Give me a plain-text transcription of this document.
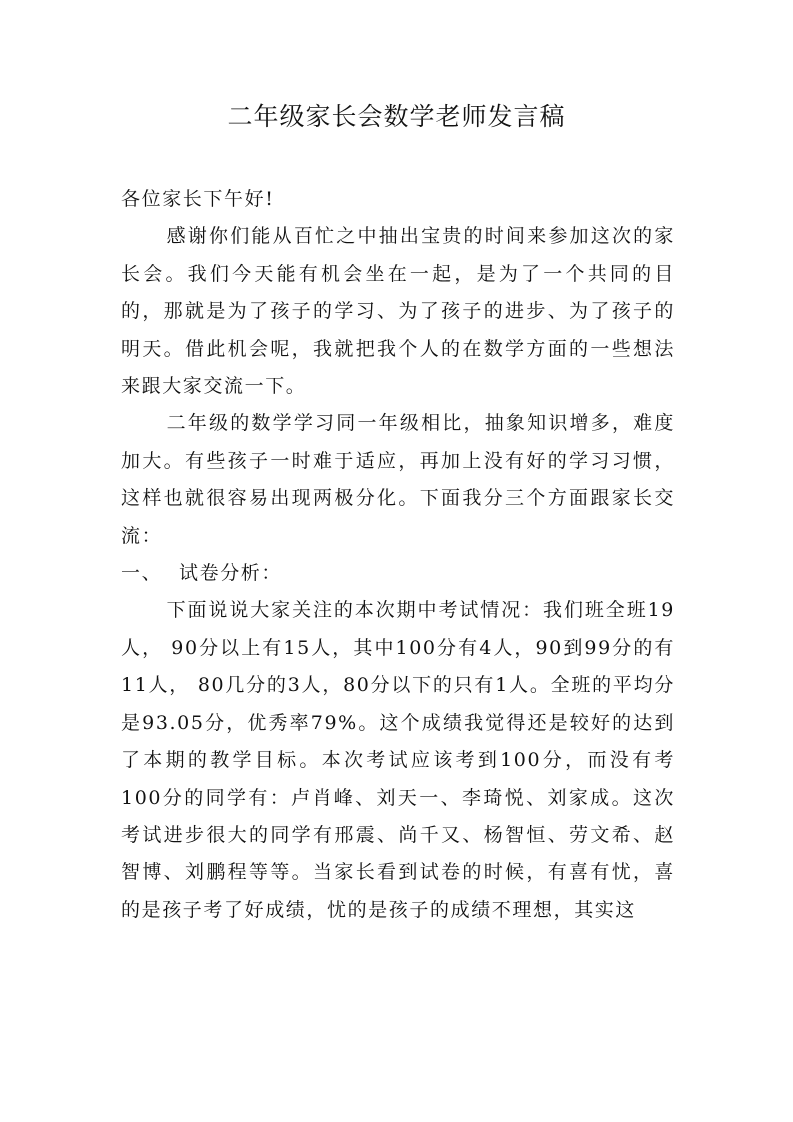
二年级家长会数学老师发言稿

各位家长下午好!

感谢你们能从百忙之中抽出宝贵的时间来参加这次的家长会。我们今天能有机会坐在一起，是为了一个共同的目的，那就是为了孩子的学习、为了孩子的进步、为了孩子的明天。借此机会呢，我就把我个人的在数学方面的一些想法来跟大家交流一下。

二年级的数学学习同一年级相比，抽象知识增多，难度加大。有些孩子一时难于适应，再加上没有好的学习习惯，这样也就很容易出现两极分化。下面我分三个方面跟家长交流：

一、 试卷分析：

下面说说大家关注的本次期中考试情况：我们班全班19人， 90分以上有15人，其中100分有4人，90到99分的有11人， 80几分的3人，80分以下的只有1人。全班的平均分是93.05分，优秀率79%。这个成绩我觉得还是较好的达到了本期的教学目标。本次考试应该考到100分，而没有考100分的同学有：卢肖峰、刘天一、李琦悦、刘家成。这次考试进步很大的同学有邢震、尚千又、杨智恒、劳文希、赵智博、刘鹏程等等。当家长看到试卷的时候，有喜有忧，喜的是孩子考了好成绩，忧的是孩子的成绩不理想，其实这
